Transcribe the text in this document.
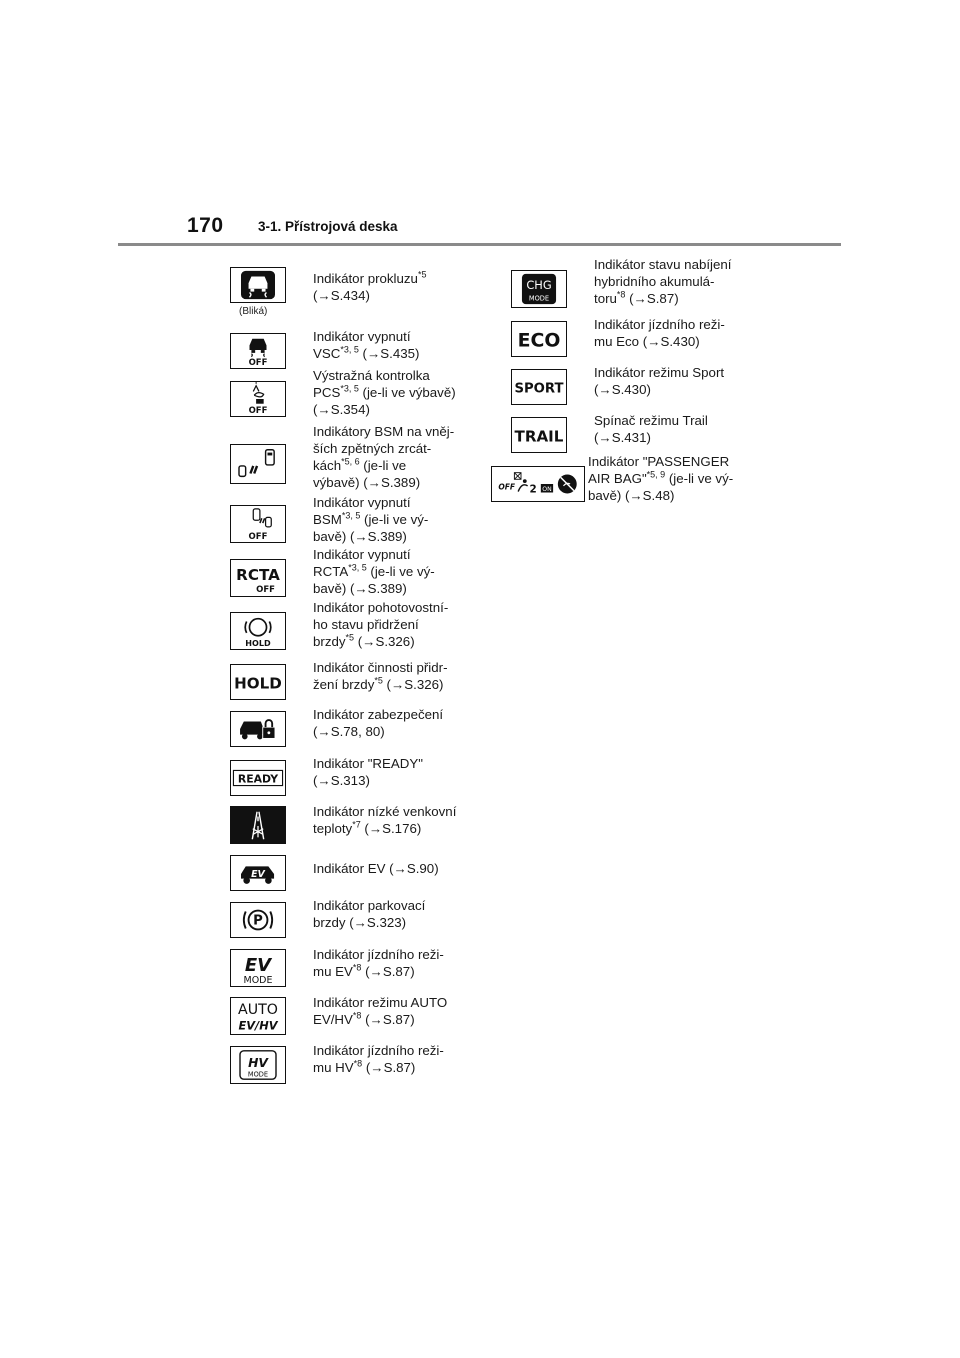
170	3-1. Přístrojová deska
(Bliká)
Indikátor prokluzu$^{*5}$
(→S.434)
OFF
Indikátor vypnutí
VSC$^{*3, 5}$ (→S.435)
OFF
Výstražná kontrolka
PCS$^{*3, 5}$ (je-li ve výbavě)
(→S.354)
Indikátory BSM na vněj-
ších zpětných zrcát-
kách$^{*5, 6}$ (je-li ve
výbavě) (→S.389)
OFF
Indikátor vypnutí
BSM$^{*3, 5}$ (je-li ve vý-
bavě) (→S.389)
RCTA
OFF
Indikátor vypnutí
RCTA$^{*3, 5}$ (je-li ve vý-
bavě) (→S.389)
HOLD
Indikátor pohotovostní-
ho stavu přidržení
brzdy$^{*5}$ (→S.326)
HOLD
Indikátor činnosti přidr-
žení brzdy$^{*5}$ (→S.326)
Indikátor zabezpečení
(→S.78, 80)
READY
Indikátor "READY"
(→S.313)
Indikátor nízké venkovní
teploty$^{*7}$ (→S.176)
EV	Indikátor EV (→S.90)
P
Indikátor parkovací
brzdy (→S.323)
EV
MODE
Indikátor jízdního reži-
mu EV$^{*8}$ (→S.87)
AUTO
EV/HV
Indikátor režimu AUTO
EV/HV$^{*8}$ (→S.87)
HV
MODE
Indikátor jízdního reži-
mu HV$^{*8}$ (→S.87)
CHG
MODE
Indikátor stavu nabíjení
hybridního akumulá-
toru$^{*8}$ (→S.87)
ECO
Indikátor jízdního reži-
mu Eco (→S.430)
SPORT
Indikátor režimu Sport
(→S.430)
TRAIL
Spínač režimu Trail
(→S.431)
OFF 2 ON
Indikátor "PASSENGER
AIR BAG"$^{*5, 9}$ (je-li ve vý-
bavě) (→S.48)
